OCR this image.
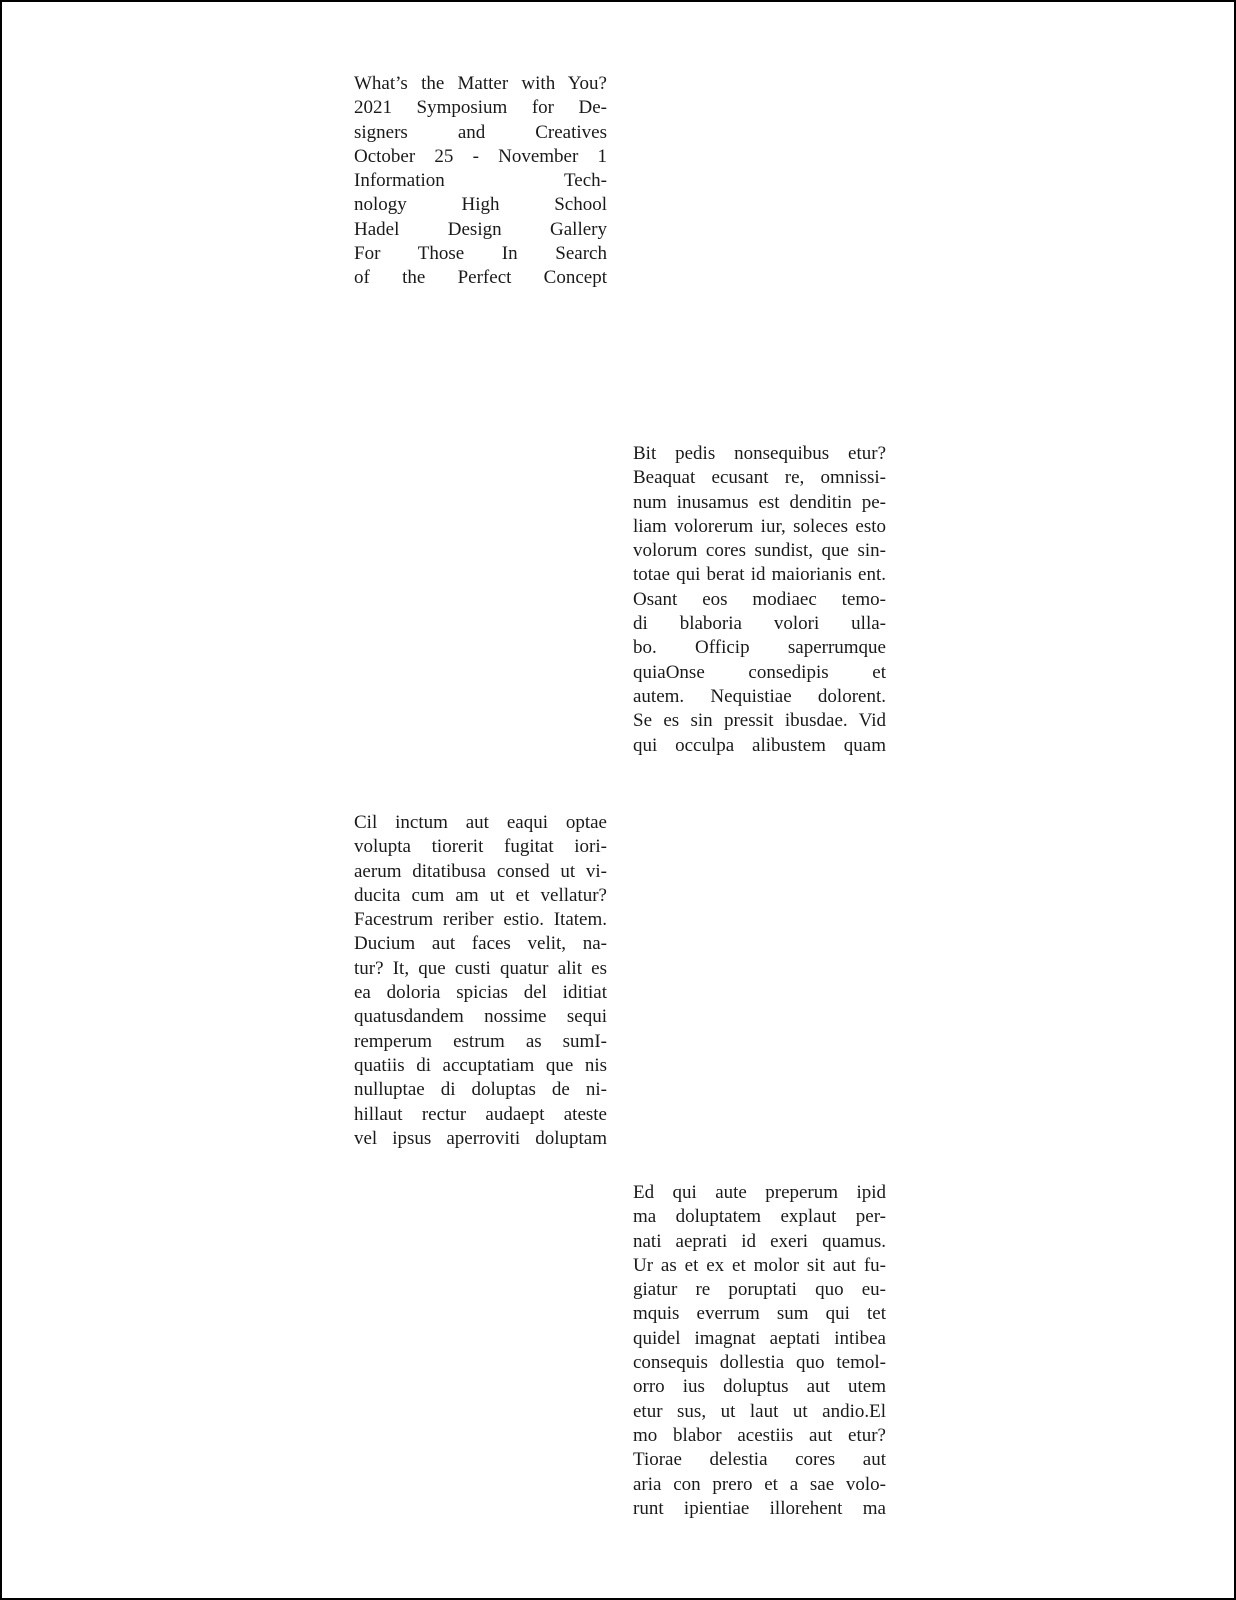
What’s the Matter with You?
2021 Symposium for De-
signers and Creatives
October 25 - November 1
Information Tech-
nology High School
Hadel Design Gallery
For Those In Search
of the Perfect Concept
Bit pedis nonsequibus etur?
Beaquat ecusant re, omnissi-
num inusamus est denditin pe-
liam volorerum iur, soleces esto
volorum cores sundist, que sin-
totae qui berat id maiorianis ent.
Osant eos modiaec temo-
di blaboria volori ulla-
bo. Officip saperrumque
quiaOnse consedipis et
autem. Nequistiae dolorent.
Se es sin pressit ibusdae. Vid
qui occulpa alibustem quam
Cil inctum aut eaqui optae
volupta tiorerit fugitat iori-
aerum ditatibusa consed ut vi-
ducita cum am ut et vellatur?
Facestrum reriber estio. Itatem.
Ducium aut faces velit, na-
tur? It, que custi quatur alit es
ea doloria spicias del iditiat
quatusdandem nossime sequi
remperum estrum as sumI-
quatiis di accuptatiam que nis
nulluptae di doluptas de ni-
hillaut rectur audaept ateste
vel ipsus aperroviti doluptam
Ed qui aute preperum ipid
ma doluptatem explaut per-
nati aeprati id exeri quamus.
Ur as et ex et molor sit aut fu-
giatur re poruptati quo eu-
mquis everrum sum qui tet
quidel imagnat aeptati intibea
consequis dollestia quo temol-
orro ius doluptus aut utem
etur sus, ut laut ut andio.El
mo blabor acestiis aut etur?
Tiorae delestia cores aut
aria con prero et a sae volo-
runt ipientiae illorehent ma
